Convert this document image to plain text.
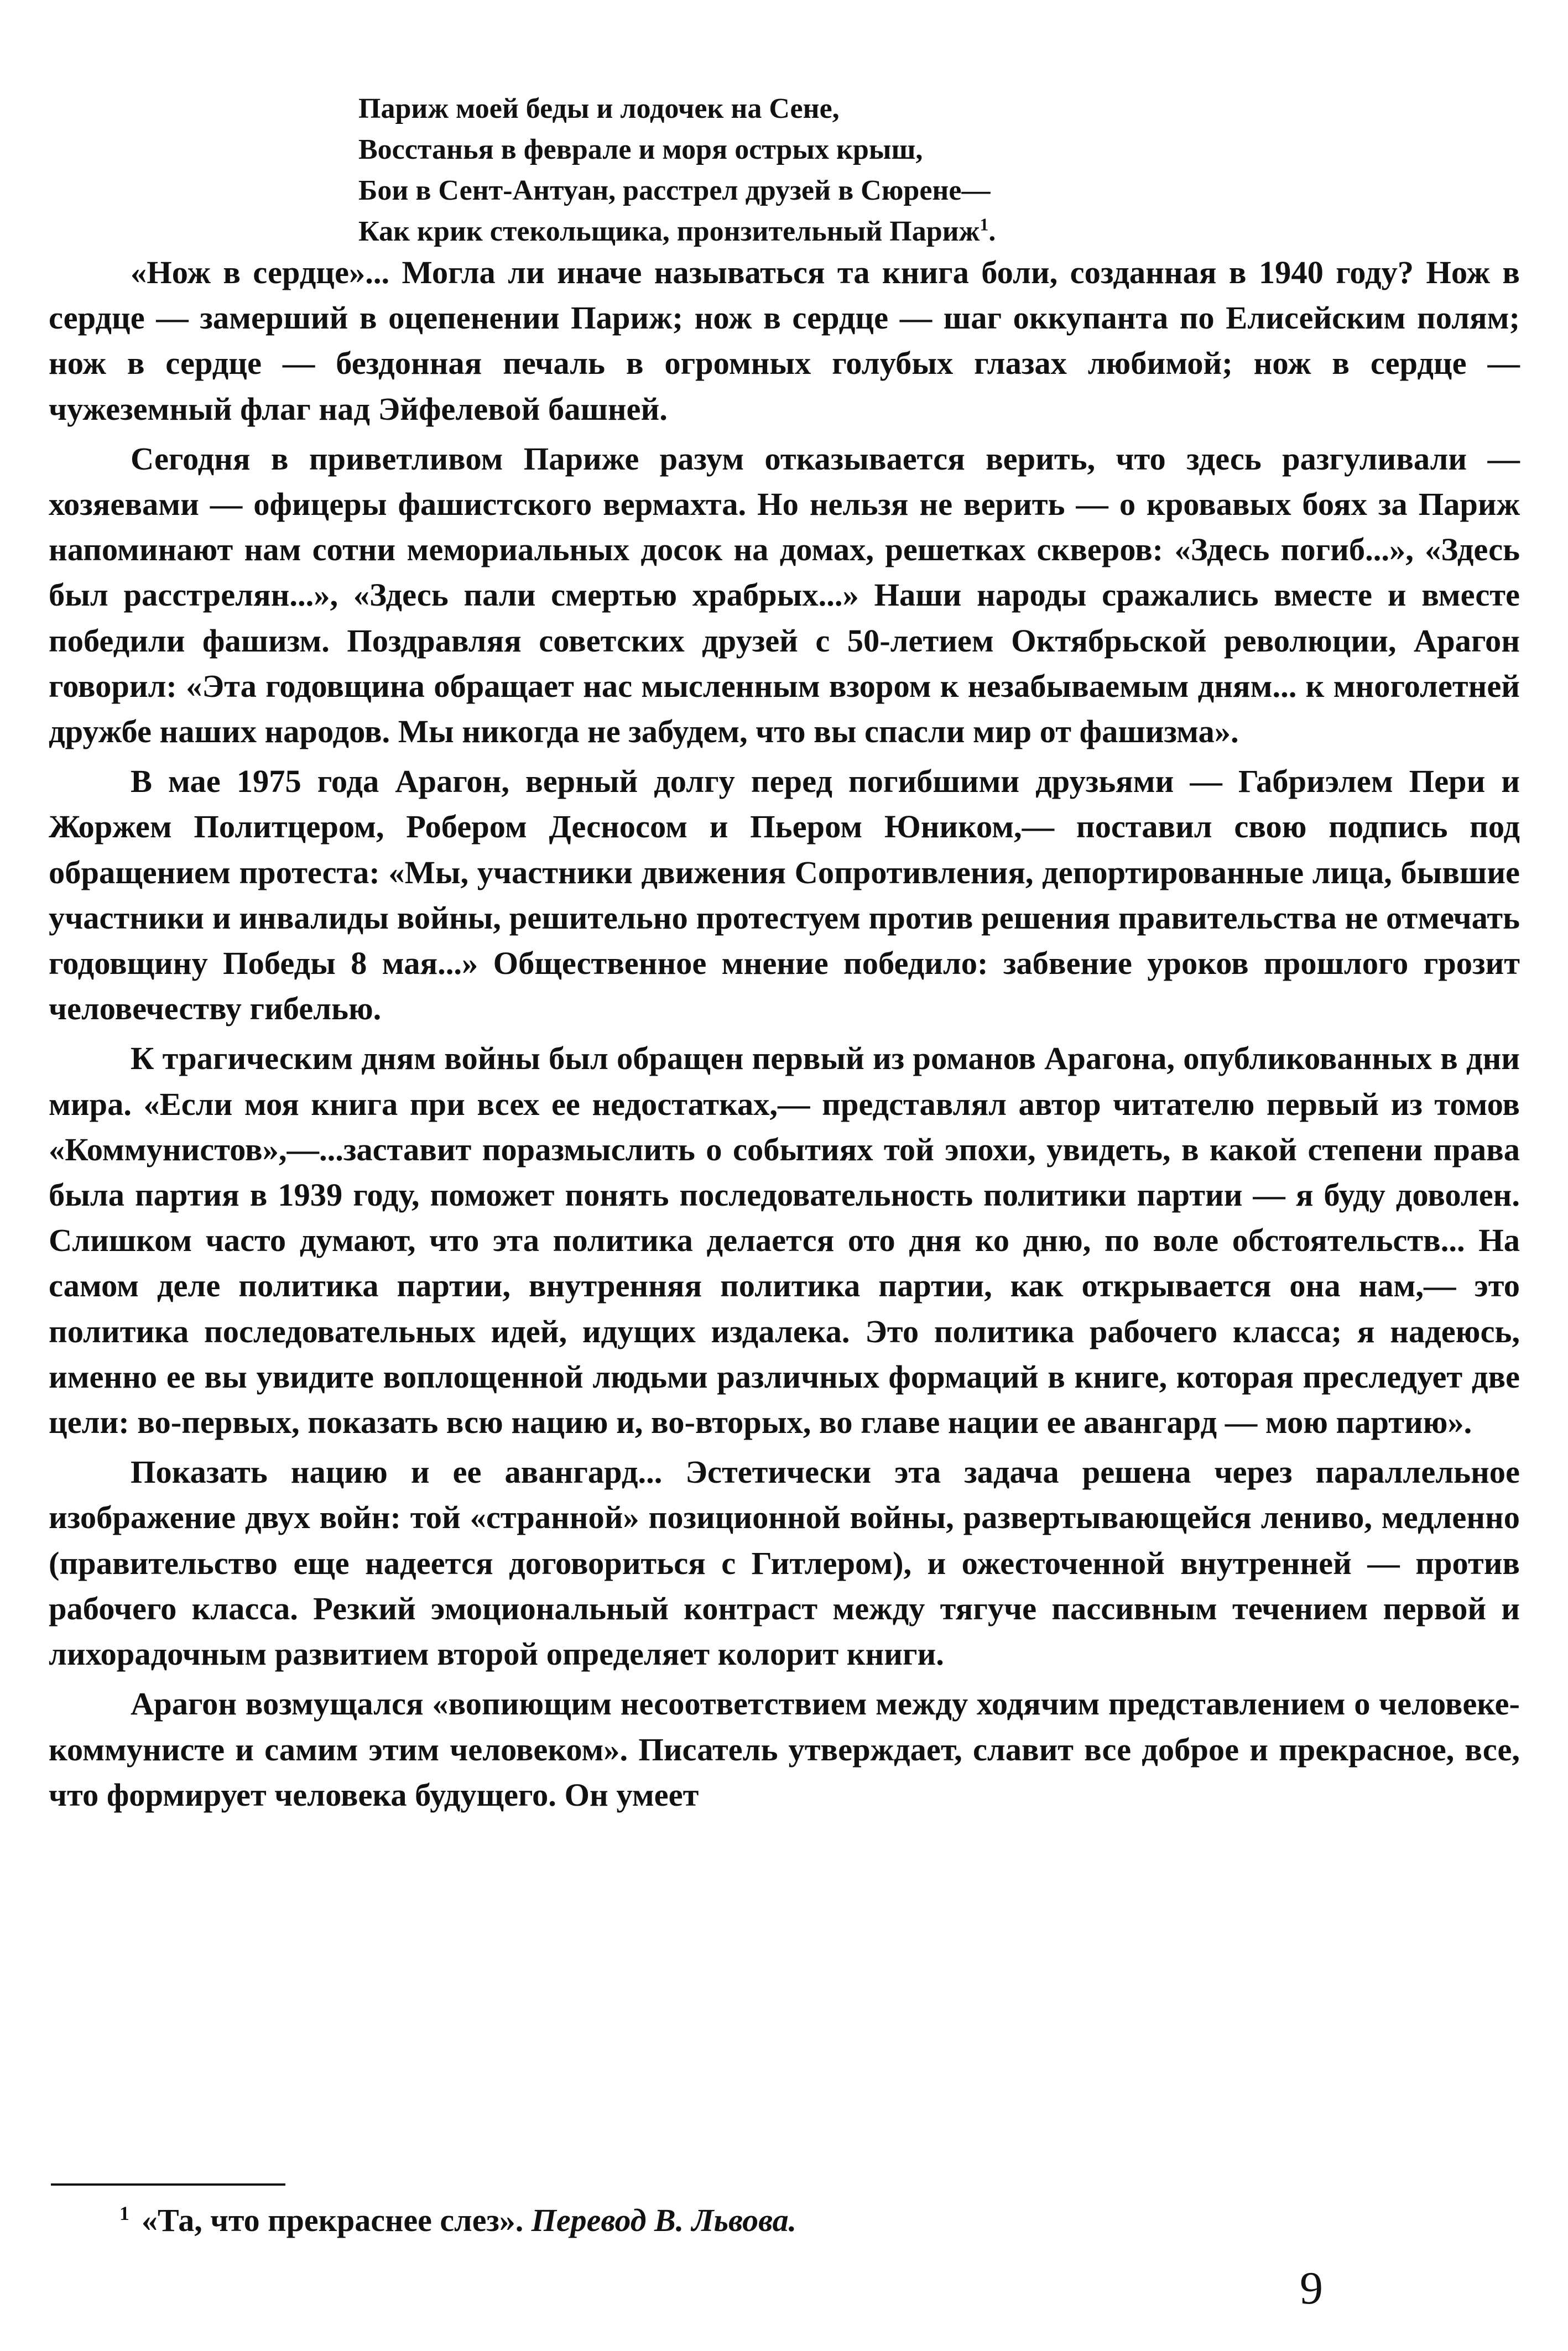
Париж моей беды и лодочек на Сене,
Восстанья в феврале и моря острых крыш,
Бои в Сент-Антуан, расстрел друзей в Сюрене—
Как крик стекольщика, пронзительный Париж$^1$.

«Нож в сердце»... Могла ли иначе называться та книга боли, созданная в 1940 году? Нож в сердце — замерший в оцепенении Париж; нож в сердце — шаг оккупанта по Елисейским полям; нож в сердце — бездонная печаль в огромных голубых глазах любимой; нож в сердце — чужеземный флаг над Эйфелевой башней.

Сегодня в приветливом Париже разум отказывается верить, что здесь разгуливали — хозяевами — офицеры фашистского вермахта. Но нельзя не верить — о кровавых боях за Париж напоминают нам сотни мемориальных досок на домах, решетках скверов: «Здесь погиб...», «Здесь был расстрелян...», «Здесь пали смертью храбрых...» Наши народы сражались вместе и вместе победили фашизм. Поздравляя советских друзей с 50-летием Октябрьской революции, Арагон говорил: «Эта годовщина обращает нас мысленным взором к незабываемым дням... к многолетней дружбе наших народов. Мы никогда не забудем, что вы спасли мир от фашизма».

В мае 1975 года Арагон, верный долгу перед погибшими друзьями — Габриэлем Пери и Жоржем Политцером, Робером Десносом и Пьером Юником,— поставил свою подпись под обращением протеста: «Мы, участники движения Сопротивления, депортированные лица, бывшие участники и инвалиды войны, решительно протестуем против решения правительства не отмечать годовщину Победы 8 мая...» Общественное мнение победило: забвение уроков прошлого грозит человечеству гибелью.

К трагическим дням войны был обращен первый из романов Арагона, опубликованных в дни мира. «Если моя книга при всех ее недостатках,— представлял автор читателю первый из томов «Коммунистов»,—...заставит поразмыслить о событиях той эпохи, увидеть, в какой степени права была партия в 1939 году, поможет понять последовательность политики партии — я буду доволен. Слишком часто думают, что эта политика делается ото дня ко дню, по воле обстоятельств... На самом деле политика партии, внутренняя политика партии, как открывается она нам,— это политика последовательных идей, идущих издалека. Это политика рабочего класса; я надеюсь, именно ее вы увидите воплощенной людьми различных формаций в книге, которая преследует две цели: во-первых, показать всю нацию и, во-вторых, во главе нации ее авангард — мою партию».

Показать нацию и ее авангард... Эстетически эта задача решена через параллельное изображение двух войн: той «странной» позиционной войны, развертывающейся лениво, медленно (правительство еще надеется договориться с Гитлером), и ожесточенной внутренней — против рабочего класса. Резкий эмоциональный контраст между тягуче пассивным течением первой и лихорадочным развитием второй определяет колорит книги.

Арагон возмущался «вопиющим несоответствием между ходячим представлением о человеке-коммунисте и самим этим человеком». Писатель утверждает, славит все доброе и прекрасное, все, что формирует человека будущего. Он умеет

$^1$ «Та, что прекраснее слез». Перевод В. Львова.
9
